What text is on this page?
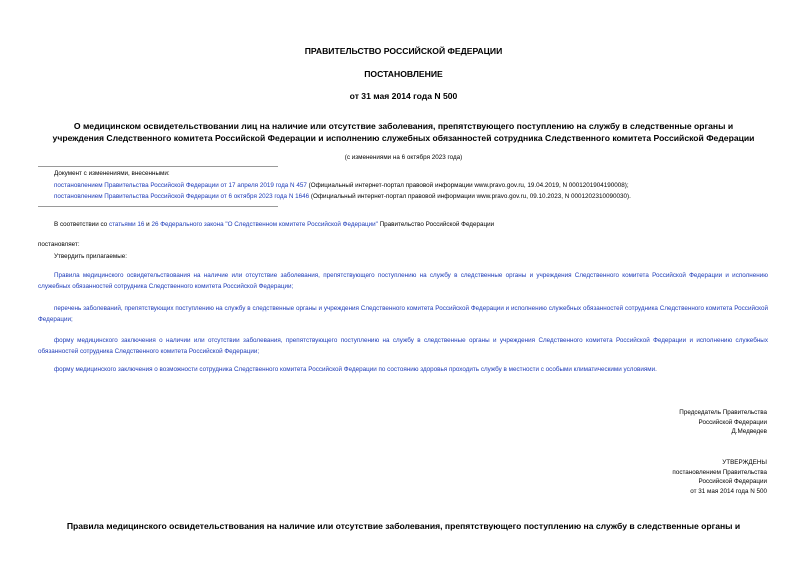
ПРАВИТЕЛЬСТВО РОССИЙСКОЙ ФЕДЕРАЦИИ
ПОСТАНОВЛЕНИЕ
от 31 мая 2014 года N 500
О медицинском освидетельствовании лиц на наличие или отсутствие заболевания, препятствующего поступлению на службу в следственные органы и
учреждения Следственного комитета Российской Федерации и исполнению служебных обязанностей сотрудника Следственного комитета Российской Федерации
(с изменениями на 6 октября 2023 года)
Документ с изменениями, внесенными:
постановлением Правительства Российской Федерации от 17 апреля 2019 года N 457 (Официальный интернет-портал правовой информации www.pravo.gov.ru, 19.04.2019, N 0001201904190008);
постановлением Правительства Российской Федерации от 6 октября 2023 года N 1646 (Официальный интернет-портал правовой информации www.pravo.gov.ru, 09.10.2023, N 0001202310090030).
В соответствии со статьями 16 и 26 Федерального закона "О Следственном комитете Российской Федерации" Правительство Российской Федерации
постановляет:
Утвердить прилагаемые:
Правила медицинского освидетельствования на наличие или отсутствие заболевания, препятствующего поступлению на службу в следственные органы и учреждения Следственного комитета Российской Федерации и исполнению служебных обязанностей сотрудника Следственного комитета Российской Федерации;
перечень заболеваний, препятствующих поступлению на службу в следственные органы и учреждения Следственного комитета Российской Федерации и исполнению служебных обязанностей сотрудника Следственного комитета Российской Федерации;
форму медицинского заключения о наличии или отсутствии заболевания, препятствующего поступлению на службу в следственные органы и учреждения Следственного комитета Российской Федерации и исполнению служебных обязанностей сотрудника Следственного комитета Российской Федерации;
форму медицинского заключения о возможности сотрудника Следственного комитета Российской Федерации по состоянию здоровья проходить службу в местности с особыми климатическими условиями.
Председатель Правительства
Российской Федерации
Д.Медведев
УТВЕРЖДЕНЫ
постановлением Правительства
Российской Федерации
от 31 мая 2014 года N 500
Правила медицинского освидетельствования на наличие или отсутствие заболевания, препятствующего поступлению на службу в следственные органы и
